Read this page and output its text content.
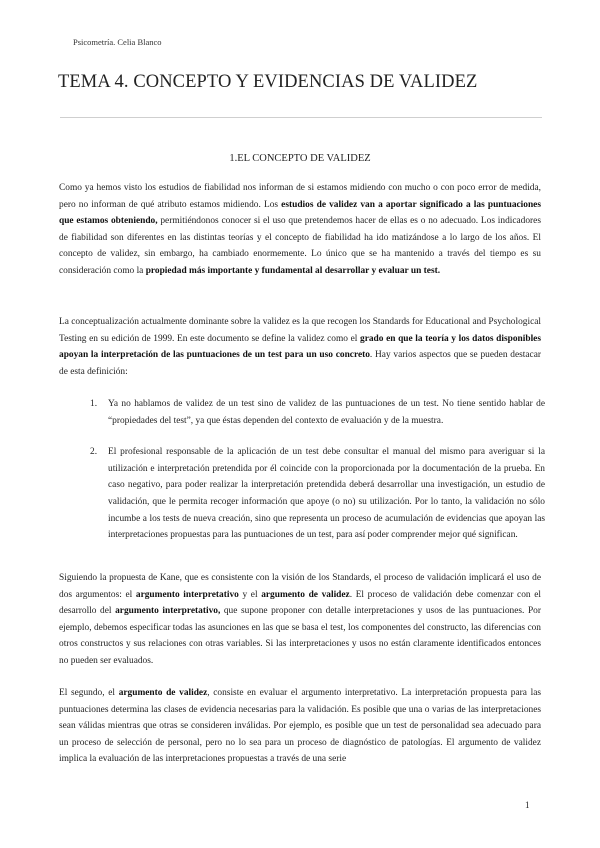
Psicometría. Celia Blanco
TEMA 4. CONCEPTO Y EVIDENCIAS DE VALIDEZ
1.EL CONCEPTO DE VALIDEZ

Como ya hemos visto los estudios de fiabilidad nos informan de si estamos midiendo con mucho o con poco error de medida, pero no informan de qué atributo estamos midiendo. Los estudios de validez van a aportar significado a las puntuaciones que estamos obteniendo, permitiéndonos conocer si el uso que pretendemos hacer de ellas es o no adecuado. Los indicadores de fiabilidad son diferentes en las distintas teorías y el concepto de fiabilidad ha ido matizándose a lo largo de los años. El concepto de validez, sin embargo, ha cambiado enormemente. Lo único que se ha mantenido a través del tiempo es su consideración como la propiedad más importante y fundamental al desarrollar y evaluar un test.

La conceptualización actualmente dominante sobre la validez es la que recogen los Standards for Educational and Psychological Testing en su edición de 1999. En este documento se define la validez como el grado en que la teoría y los datos disponibles apoyan la interpretación de las puntuaciones de un test para un uso concreto. Hay varios aspectos que se pueden destacar de esta definición:

1. Ya no hablamos de validez de un test sino de validez de las puntuaciones de un test. No tiene sentido hablar de “propiedades del test”, ya que éstas dependen del contexto de evaluación y de la muestra.
2. El profesional responsable de la aplicación de un test debe consultar el manual del mismo para averiguar si la utilización e interpretación pretendida por él coincide con la proporcionada por la documentación de la prueba. En caso negativo, para poder realizar la interpretación pretendida deberá desarrollar una investigación, un estudio de validación, que le permita recoger información que apoye (o no) su utilización. Por lo tanto, la validación no sólo incumbe a los tests de nueva creación, sino que representa un proceso de acumulación de evidencias que apoyan las interpretaciones propuestas para las puntuaciones de un test, para así poder comprender mejor qué significan.

Siguiendo la propuesta de Kane, que es consistente con la visión de los Standards, el proceso de validación implicará el uso de dos argumentos: el argumento interpretativo y el argumento de validez. El proceso de validación debe comenzar con el desarrollo del argumento interpretativo, que supone proponer con detalle interpretaciones y usos de las puntuaciones. Por ejemplo, debemos especificar todas las asunciones en las que se basa el test, los componentes del constructo, las diferencias con otros constructos y sus relaciones con otras variables. Si las interpretaciones y usos no están claramente identificados entonces no pueden ser evaluados.

El segundo, el argumento de validez, consiste en evaluar el argumento interpretativo. La interpretación propuesta para las puntuaciones determina las clases de evidencia necesarias para la validación. Es posible que una o varias de las interpretaciones sean válidas mientras que otras se consideren inválidas. Por ejemplo, es posible que un test de personalidad sea adecuado para un proceso de selección de personal, pero no lo sea para un proceso de diagnóstico de patologías. El argumento de validez implica la evaluación de las interpretaciones propuestas a través de una serie

1
